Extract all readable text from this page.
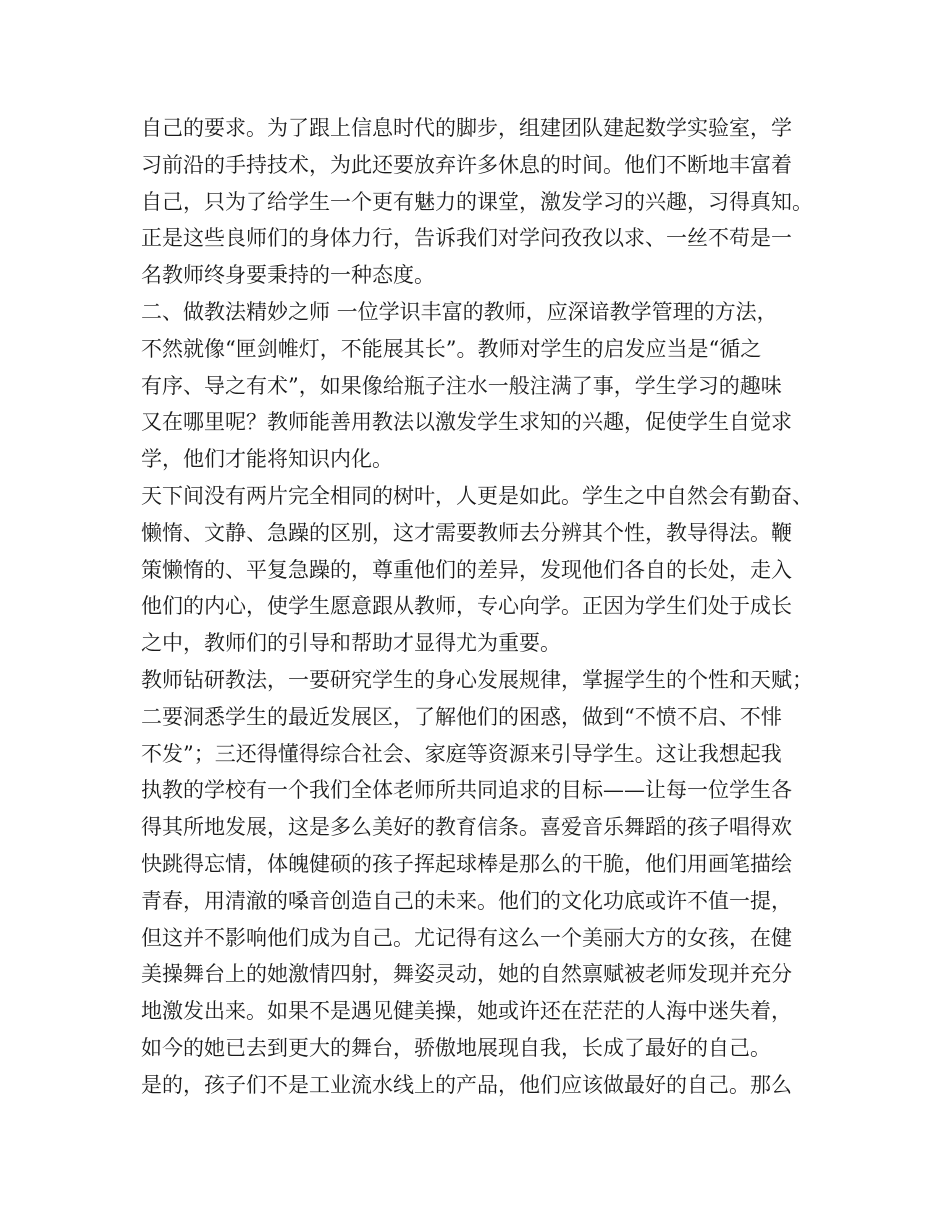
自己的要求。为了跟上信息时代的脚步，组建团队建起数学实验室，学
习前沿的手持技术，为此还要放弃许多休息的时间。他们不断地丰富着
自己，只为了给学生一个更有魅力的课堂，激发学习的兴趣，习得真知。
正是这些良师们的身体力行，告诉我们对学问孜孜以求、一丝不苟是一
名教师终身要秉持的一种态度。
二、做教法精妙之师 一位学识丰富的教师，应深谙教学管理的方法，
不然就像“匣剑帷灯，不能展其长”。教师对学生的启发应当是“循之
有序、导之有术”，如果像给瓶子注水一般注满了事，学生学习的趣味
又在哪里呢？教师能善用教法以激发学生求知的兴趣，促使学生自觉求
学，他们才能将知识内化。
天下间没有两片完全相同的树叶，人更是如此。学生之中自然会有勤奋、
懒惰、文静、急躁的区别，这才需要教师去分辨其个性，教导得法。鞭
策懒惰的、平复急躁的，尊重他们的差异，发现他们各自的长处，走入
他们的内心，使学生愿意跟从教师，专心向学。正因为学生们处于成长
之中，教师们的引导和帮助才显得尤为重要。
教师钻研教法，一要研究学生的身心发展规律，掌握学生的个性和天赋；
二要洞悉学生的最近发展区，了解他们的困惑，做到“不愤不启、不悱
不发”；三还得懂得综合社会、家庭等资源来引导学生。这让我想起我
执教的学校有一个我们全体老师所共同追求的目标——让每一位学生各
得其所地发展，这是多么美好的教育信条。喜爱音乐舞蹈的孩子唱得欢
快跳得忘情，体魄健硕的孩子挥起球棒是那么的干脆，他们用画笔描绘
青春，用清澈的嗓音创造自己的未来。他们的文化功底或许不值一提，
但这并不影响他们成为自己。尤记得有这么一个美丽大方的女孩，在健
美操舞台上的她激情四射，舞姿灵动，她的自然禀赋被老师发现并充分
地激发出来。如果不是遇见健美操，她或许还在茫茫的人海中迷失着，
如今的她已去到更大的舞台，骄傲地展现自我，长成了最好的自己。
是的，孩子们不是工业流水线上的产品，他们应该做最好的自己。那么
